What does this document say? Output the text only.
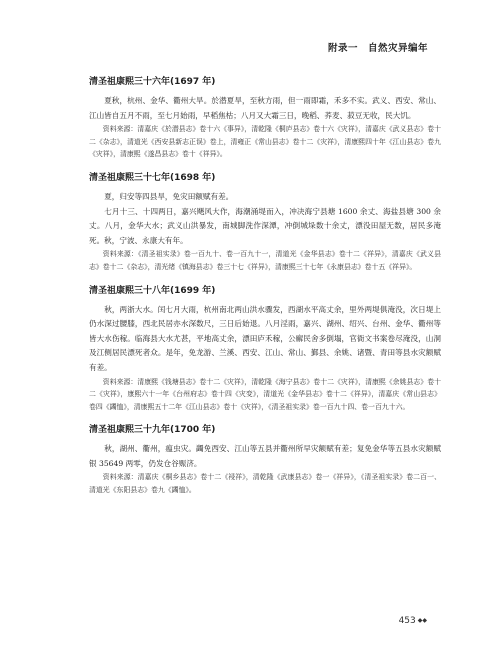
附录一　自然灾异编年
清圣祖康熙三十六年(1697 年)

夏秋，杭州、金华、衢州大旱。於潜夏旱，至秋方雨，但一雨即霜，禾多不实。武义、西安、常山、江山皆自五月不雨，至七月始雨，早稻焦枯；八月又大霜三日，晚稻、荞麦、菽豆无收，民大饥。

资料来源：清嘉庆《於潜县志》卷十六《事异》，清乾隆《桐庐县志》卷十六《灾祥》，清嘉庆《武义县志》卷十二《杂志》，清道光《西安县新志正误》卷上，清雍正《常山县志》卷十二《灾祥》，清康熙四十年《江山县志》卷九《灾祥》，清康熙《遂昌县志》卷十《祥异》。

清圣祖康熙三十七年(1698 年)

夏，归安等四县旱，免灾田额赋有差。

七月十三、十四两日，嘉兴飓风大作，海潮涌堤而入，冲决海宁县塘 1600 余丈、海盐县塘 300 余丈。八月，金华大水；武义山洪暴发，南城脚洗作深潭，冲倒城垛数十余丈，漂没田屋无数，居民多淹死。秋，宁波、永康大有年。

资料来源：《清圣祖实录》卷一百九十、卷一百九十一，清道光《金华县志》卷十二《祥异》，清嘉庆《武义县志》卷十二《杂志》，清光绪《镇海县志》卷三十七《祥异》，清康熙三十七年《永康县志》卷十五《祥异》。

清圣祖康熙三十八年(1699 年)

秋，两浙大水。闰七月大雨，杭州南北两山洪水骤发，西湖水平高丈余，里外两堤俱淹没，次日堤上仍水深过腰膝，西北民居亦水深数尺，三日后始退。八月淫雨，嘉兴、湖州、绍兴、台州、金华、衢州等皆大水伤稼。临海县大水尤甚，平地高丈余，漂田庐禾稼，公廨民舍多倒塌，官衙文书案卷尽淹没，山洞及江侧居民漂死者众。是年，免龙游、兰溪、西安、江山、常山、鄞县、余姚、诸暨、青田等县水灾额赋有差。

资料来源：清康熙《钱塘县志》卷十二《灾祥》，清乾隆《海宁县志》卷十二《灾祥》，清康熙《余姚县志》卷十二《灾祥》，康熙六十一年《台州府志》卷十四《灾变》，清道光《金华县志》卷十二《祥异》，清嘉庆《常山县志》卷四《蠲恤》，清康熙五十二年《江山县志》卷十《灾祥》，《清圣祖实录》卷一百九十四、卷一百九十六。

清圣祖康熙三十九年(1700 年)

秋，湖州、衢州，瘟虫灾。蠲免西安、江山等五县并衢州所早灾额赋有差；复免金华等五县水灾额赋银 35649 两零，仍发仓谷赈济。

资料来源：清嘉庆《桐乡县志》卷十二《祲祥》，清乾隆《武康县志》卷一《祥异》，《清圣祖实录》卷二百一、清道光《东阳县志》卷九《蠲恤》。

453 ◆◆
